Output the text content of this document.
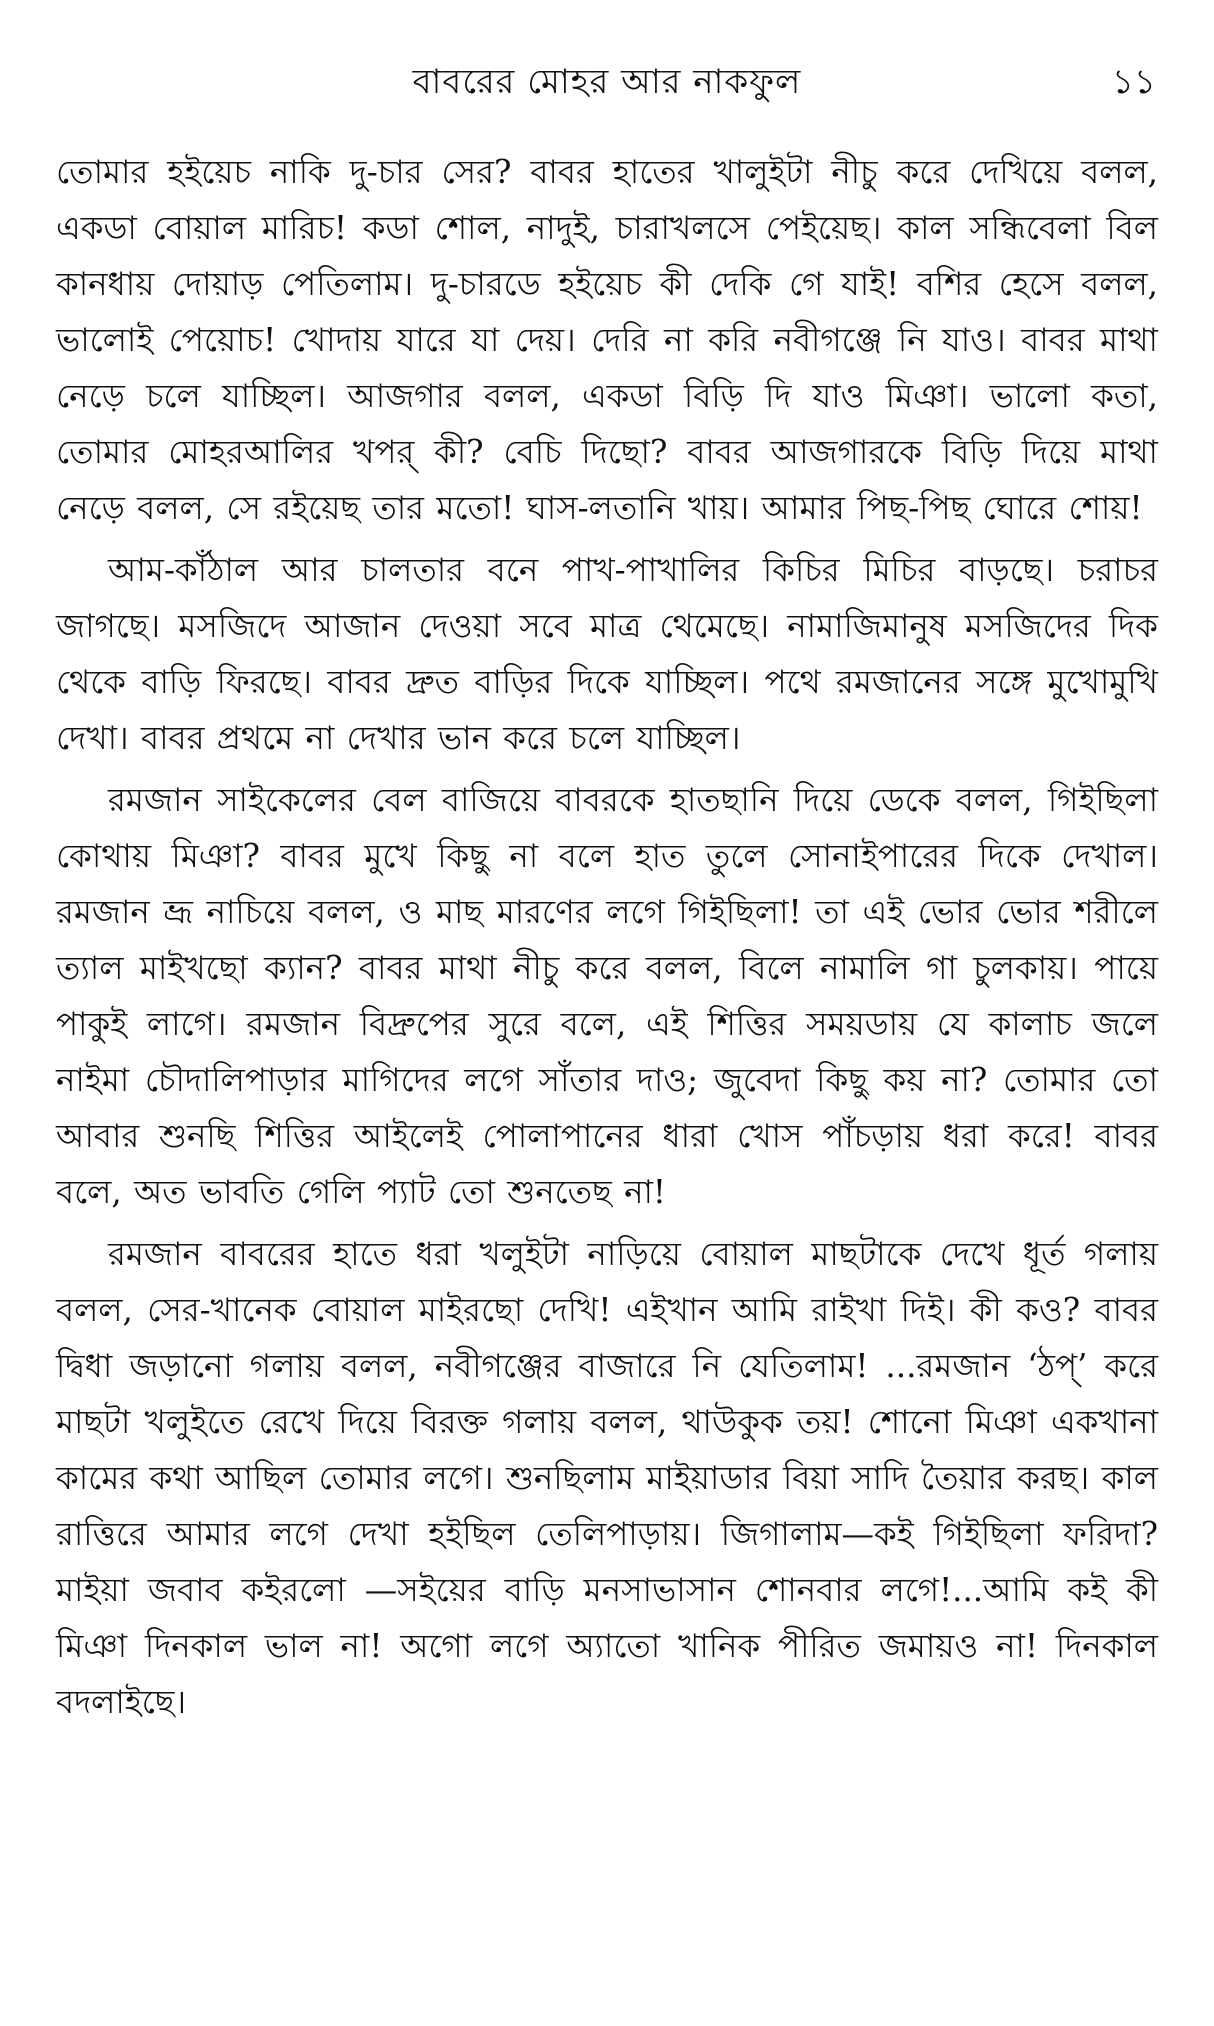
বাবরের মোহর আর নাকফুল	১১

তোমার হইয়েচ নাকি দু-চার সের? বাবর হাতের খালুইটা নীচু করে দেখিয়ে বলল, একডা বোয়াল মারিচ! কডা শোল, নাদুই, চারাখলসে পেইয়েছ। কাল সন্ধিবেলা বিল কানধায় দোয়াড় পেতিলাম। দু-চারডে হইয়েচ কী দেকি গে যাই! বশির হেসে বলল, ভালোই পেয়োচ! খোদায় যারে যা দেয়। দেরি না করি নবীগঞ্জে নি যাও। বাবর মাথা নেড়ে চলে যাচ্ছিল। আজগার বলল, একডা বিড়ি দি যাও মিঞা। ভালো কতা, তোমার মোহরআলির খপর্ কী? বেচি দিছো? বাবর আজগারকে বিড়ি দিয়ে মাথা নেড়ে বলল, সে রইয়েছ তার মতো! ঘাস-লতানি খায়। আমার পিছ-পিছ ঘোরে শোয়!

আম-কাঁঠাল আর চালতার বনে পাখ-পাখালির কিচির মিচির বাড়ছে। চরাচর জাগছে। মসজিদে আজান দেওয়া সবে মাত্র থেমেছে। নামাজিমানুষ মসজিদের দিক থেকে বাড়ি ফিরছে। বাবর দ্রুত বাড়ির দিকে যাচ্ছিল। পথে রমজানের সঙ্গে মুখোমুখি দেখা। বাবর প্রথমে না দেখার ভান করে চলে যাচ্ছিল।

রমজান সাইকেলের বেল বাজিয়ে বাবরকে হাতছানি দিয়ে ডেকে বলল, গিইছিলা কোথায় মিঞা? বাবর মুখে কিছু না বলে হাত তুলে সোনাইপারের দিকে দেখাল। রমজান ভ্রূ নাচিয়ে বলল, ও মাছ মারণের লগে গিইছিলা! তা এই ভোর ভোর শরীলে ত্যাল মাইখছো ক্যান? বাবর মাথা নীচু করে বলল, বিলে নামালি গা চুলকায়। পায়ে পাকুই লাগে। রমজান বিদ্রুপের সুরে বলে, এই শিত্তির সময়ডায় যে কালাচ জলে নাইমা চৌদালিপাড়ার মাগিদের লগে সাঁতার দাও; জুবেদা কিছু কয় না? তোমার তো আবার শুনছি শিত্তির আইলেই পোলাপানের ধারা খোস পাঁচড়ায় ধরা করে! বাবর বলে, অত ভাবতি গেলি প্যাট তো শুনতেছ না!

রমজান বাবরের হাতে ধরা খলুইটা নাড়িয়ে বোয়াল মাছটাকে দেখে ধূর্ত গলায় বলল, সের-খানেক বোয়াল মাইরছো দেখি! এইখান আমি রাইখা দিই। কী কও? বাবর দ্বিধা জড়ানো গলায় বলল, নবীগঞ্জের বাজারে নি যেতিলাম! ...রমজান ‘ঠপ্’ করে মাছটা খলুইতে রেখে দিয়ে বিরক্ত গলায় বলল, থাউকুক তয়! শোনো মিঞা একখানা কামের কথা আছিল তোমার লগে। শুনছিলাম মাইয়াডার বিয়া সাদি তৈয়ার করছ। কাল রাত্তিরে আমার লগে দেখা হইছিল তেলিপাড়ায়। জিগালাম—কই গিইছিলা ফরিদা? মাইয়া জবাব কইরলো —সইয়ের বাড়ি মনসাভাসান শোনবার লগে!...আমি কই কী মিঞা দিনকাল ভাল না! অগো লগে অ্যাতো খানিক পীরিত জমায়ও না! দিনকাল বদলাইছে।
